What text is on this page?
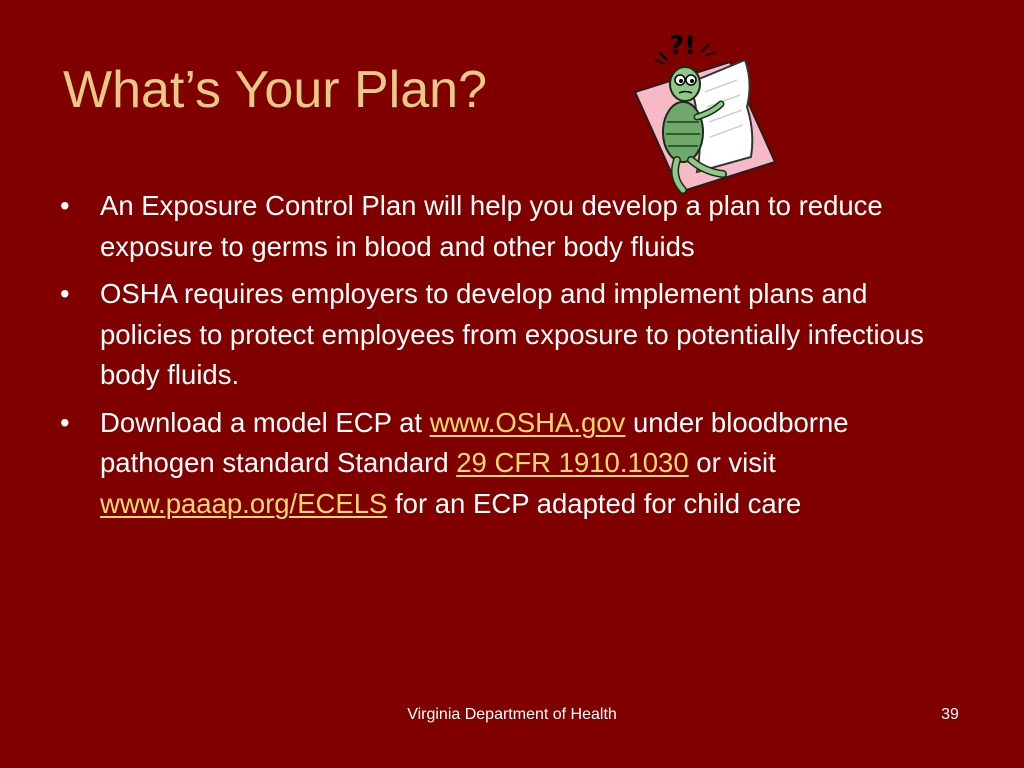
What’s Your Plan?
?!
• An Exposure Control Plan will help you develop a plan to reduce exposure to germs in blood and other body fluids
• OSHA requires employers to develop and implement plans and policies to protect employees from exposure to potentially infectious body fluids.
• Download a model ECP at www.OSHA.gov under bloodborne pathogen standard Standard 29 CFR 1910.1030 or visit www.paaap.org/ECELS for an ECP adapted for child care
Virginia Department of Health	39
